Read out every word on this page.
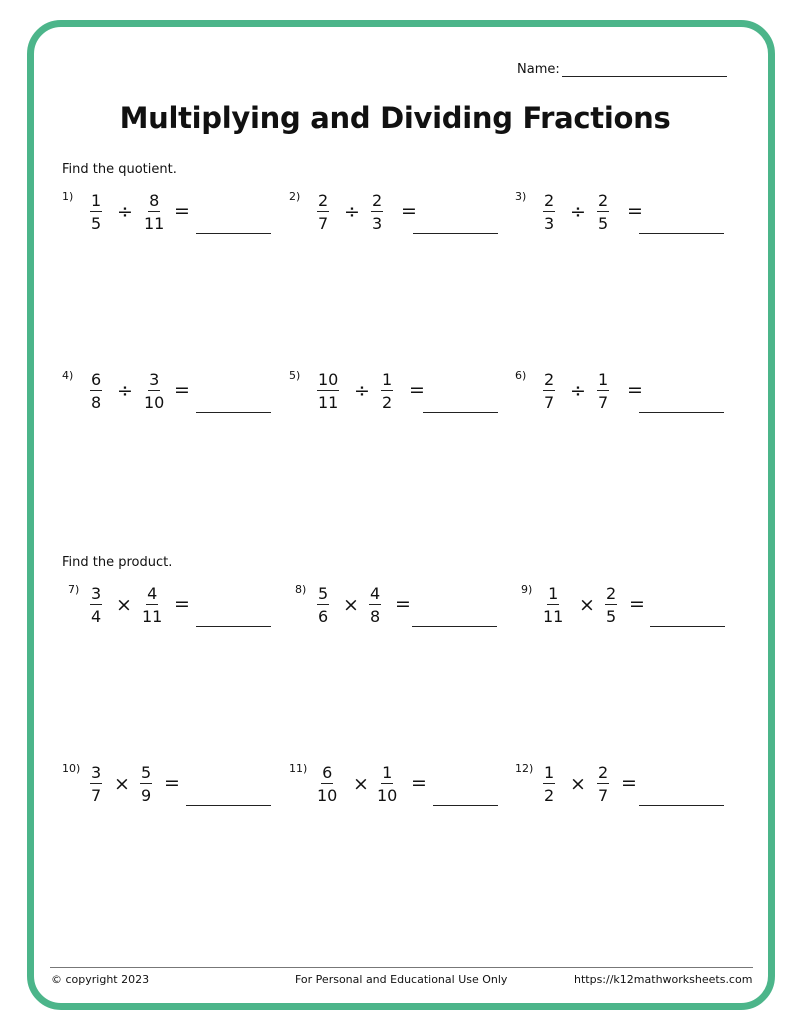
Name:
Multiplying and Dividing Fractions
Find the quotient.
Find the product.
© copyright 2023	For Personal and Educational Use Only	https://k12mathworksheets.com
$1) \frac{1}{5} \div \frac{8}{11}$ =
$2) \frac{2}{7} \div \frac{2}{3}$ =
$3) \frac{2}{3} \div \frac{2}{5}$ =
$4) \frac{6}{8} \div \frac{3}{10}$ =
$5) \frac{10}{11} \div \frac{1}{2}$ =
$6) \frac{2}{7} \div \frac{1}{7}$ =
$7) \frac{3}{4} \times \frac{4}{11}$ =
$8) \frac{5}{6} \times \frac{4}{8}$ =
$9) \frac{1}{11} \times \frac{2}{5}$ =
$10) \frac{3}{7} \times \frac{5}{9}$ =
$11) \frac{6}{10} \times \frac{1}{10}$ =
$12) \frac{1}{2} \times \frac{2}{7}$ =
